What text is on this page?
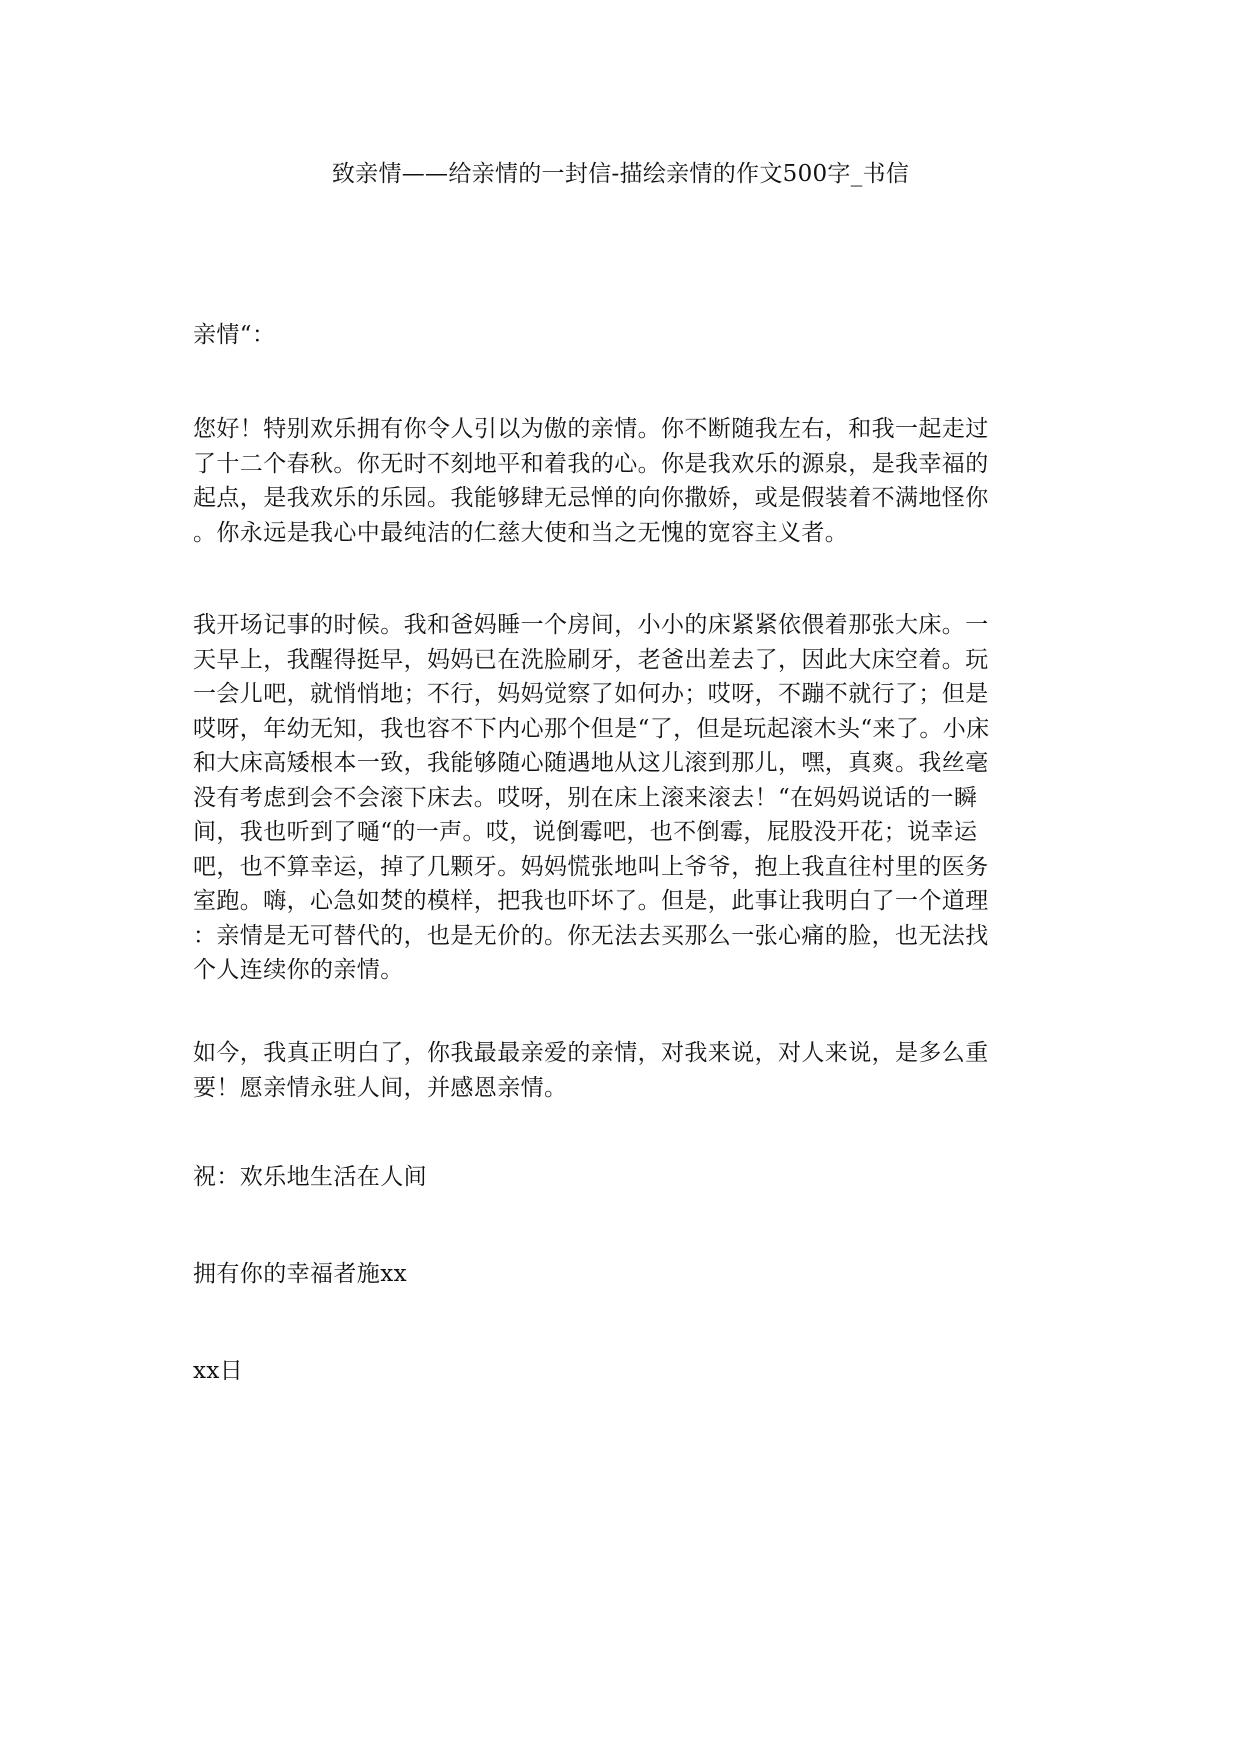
致亲情——给亲情的一封信-描绘亲情的作文500字_书信
亲情“：
您好！特别欢乐拥有你令人引以为傲的亲情。你不断随我左右，和我一起走过
了十二个春秋。你无时不刻地平和着我的心。你是我欢乐的源泉，是我幸福的
起点，是我欢乐的乐园。我能够肆无忌惮的向你撒娇，或是假装着不满地怪你
。你永远是我心中最纯洁的仁慈大使和当之无愧的宽容主义者。
我开场记事的时候。我和爸妈睡一个房间，小小的床紧紧依偎着那张大床。一
天早上，我醒得挺早，妈妈已在洗脸刷牙，老爸出差去了，因此大床空着。玩
一会儿吧，就悄悄地；不行，妈妈觉察了如何办；哎呀，不蹦不就行了；但是
哎呀，年幼无知，我也容不下内心那个但是“了，但是玩起滚木头“来了。小床
和大床高矮根本一致，我能够随心随遇地从这儿滚到那儿，嘿，真爽。我丝毫
没有考虑到会不会滚下床去。哎呀，别在床上滚来滚去！“在妈妈说话的一瞬
间，我也听到了嗵“的一声。哎，说倒霉吧，也不倒霉，屁股没开花；说幸运
吧，也不算幸运，掉了几颗牙。妈妈慌张地叫上爷爷，抱上我直往村里的医务
室跑。嗨，心急如焚的模样，把我也吓坏了。但是，此事让我明白了一个道理
：亲情是无可替代的，也是无价的。你无法去买那么一张心痛的脸，也无法找
个人连续你的亲情。
如今，我真正明白了，你我最最亲爱的亲情，对我来说，对人来说，是多么重
要！愿亲情永驻人间，并感恩亲情。
祝：欢乐地生活在人间
拥有你的幸福者施xx
xx日
